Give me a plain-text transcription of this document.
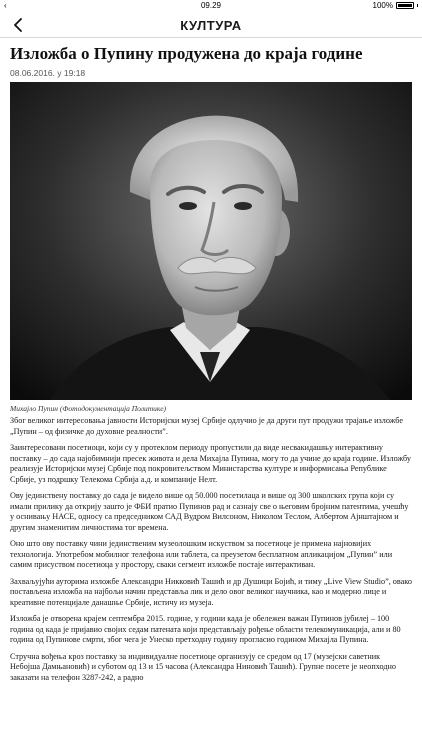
‹	09.29	100%
КУЛТУРА
Изложба о Пупину продужена до краја године
08.06.2016. у 19:18
Михајло Пупин (Фотодокументација Политике)

Због великог интересовања јавности Историјски музеј Србије одлучио је да други пут продужи трајање изложбе „Пупин – од физичке до духовне реалности”.

Заинтересовани посетиоци, који су у протеклом периоду пропустили да виде несвакидашњу интерактивну поставку – до сада најобимнији пресек живота и дела Михајла Пупина, могу то да учине до краја године. Изложбу реализује Историјски музеј Србије под покровитељством Министарства културе и информисања Републике Србије, уз подршку Телекома Србија а.д. и компаније Нелт.

Ову јединствену поставку до сада је видело више од 50.000 посетилаца и више од 300 школских група који су имали прилику да открију зашто је ФБИ пратио Пупинов рад и сазнају све о његовим бројним патентима, учешћу у оснивању НАСЕ, односу са председником САД Вудром Вилсоном, Николом Теслом, Албертом Ајнштајном и другим знаменитим личностима тог времена.

Оно што ову поставку чини јединственим музеолошким искуством за посетиоце је примена најновијих технологија. Употребом мобилног телефона или таблета, са преузетом бесплатном апликацијом „Пупин” или самим присуством посетиоца у простору, сваки сегмент изложбе постаје интерактиван.

Захваљујући ауторима изложбе Александри Никковић Ташић и др Душици Бојић, и тиму „Live View Studio”, овако постављена изложба на најбољи начин представља лик и дело овог великог научника, као и модерно лице и креативне потенцијале данашње Србије, истичу из музеја.

Изложба је отворена крајем септембра 2015. године, у години када је обележен важан Пупинов јубилеј – 100 година од када је пријавио својих седам патената који представљају рођење области телекомуникација, али и 80 година од Пупинове смрти, због чега је Унеско претходну годину прогласио годином Михајла Пупина.

Стручна вођења кроз поставку за индивидуалне посетиоце организују се средом од 17 (музејски саветник Небојша Дамњановић) и суботом од 13 и 15 часова (Александра Ниновић Ташић). Групне посете је неопходно заказати на телефон 3287-242, а радно
